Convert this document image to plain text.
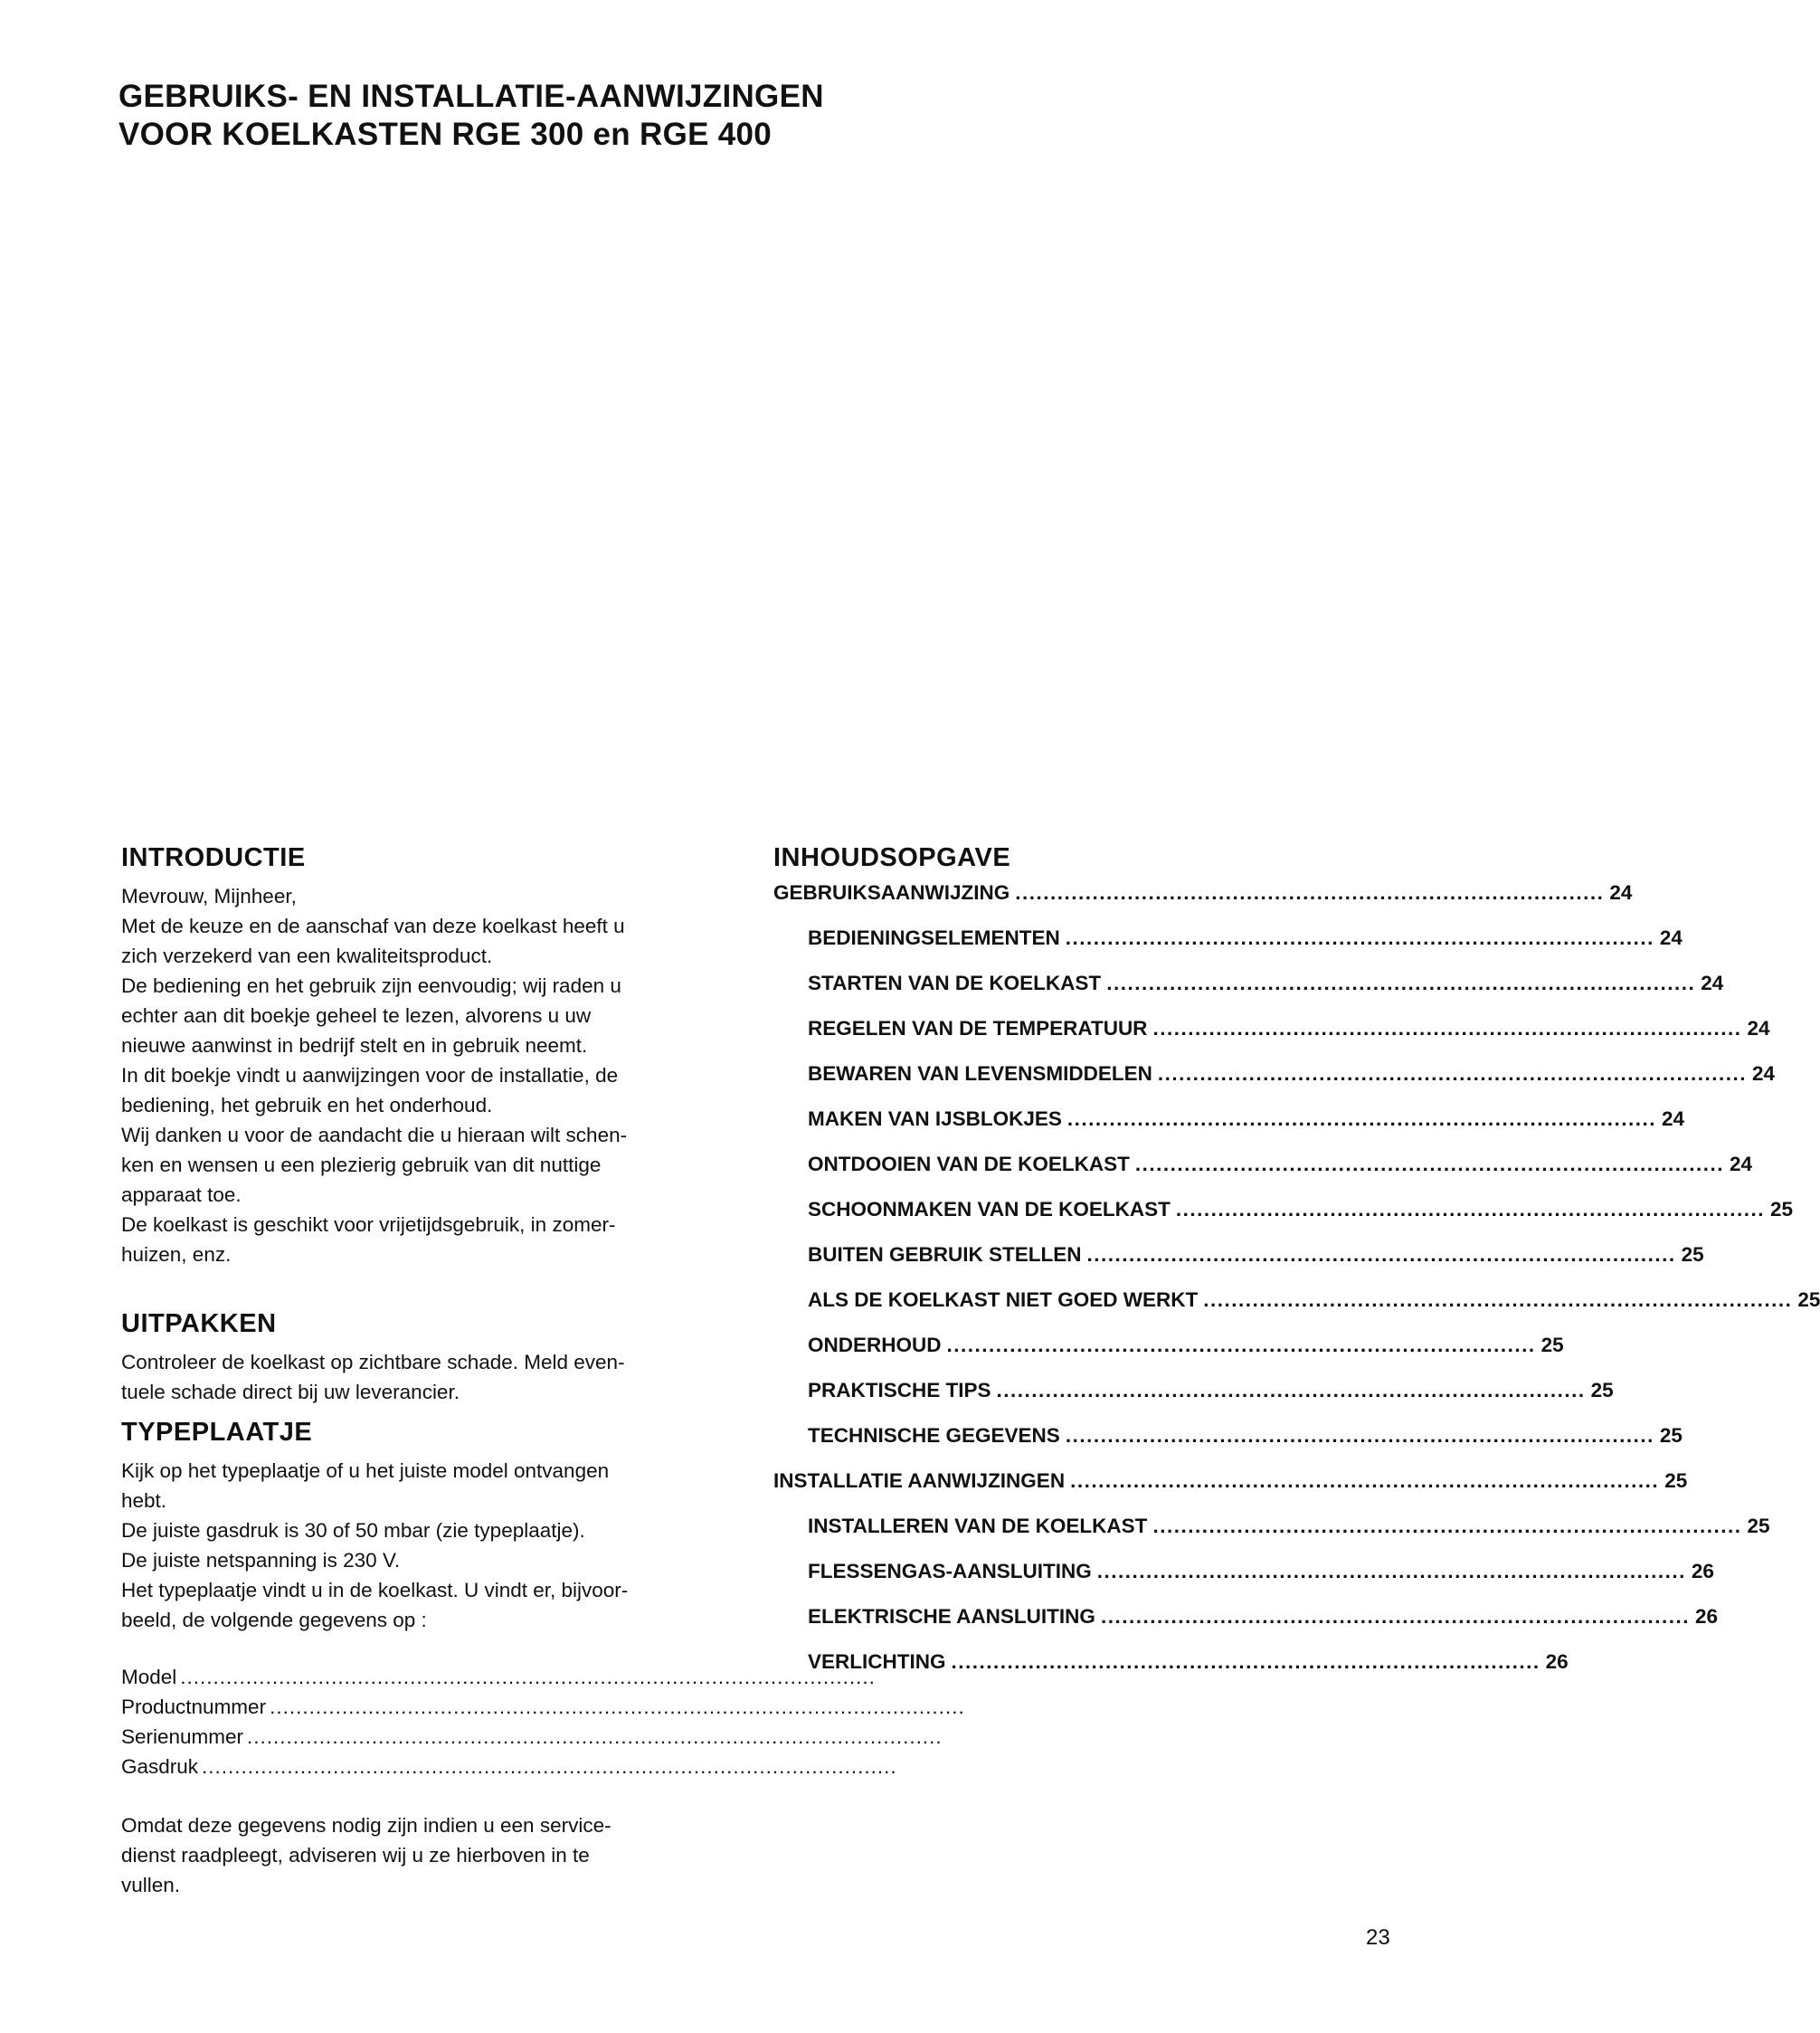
GEBRUIKS- EN INSTALLATIE-AANWIJZINGEN
VOOR KOELKASTEN RGE 300 en RGE 400
INTRODUCTIE

Mevrouw, Mijnheer,

Met de keuze en de aanschaf van deze koelkast heeft u

zich verzekerd van een kwaliteitsproduct.

De bediening en het gebruik zijn eenvoudig; wij raden u

echter aan dit boekje geheel te lezen, alvorens u uw

nieuwe aanwinst in bedrijf stelt en in gebruik neemt.

In dit boekje vindt u aanwijzingen voor de installatie, de

bediening, het gebruik en het onderhoud.

Wij danken u voor de aandacht die u hieraan wilt schen-

ken en wensen u een plezierig gebruik van dit nuttige

apparaat toe.

De koelkast is geschikt voor vrijetijdsgebruik, in zomer-

huizen, enz.

UITPAKKEN

Controleer de koelkast op zichtbare schade. Meld even-

tuele schade direct bij uw leverancier.

TYPEPLAATJE

Kijk op het typeplaatje of u het juiste model ontvangen

hebt.

De juiste gasdruk is 30 of 50 mbar (zie typeplaatje).

De juiste netspanning is 230 V.

Het typeplaatje vindt u in de koelkast. U vindt er, bijvoor-

beeld, de volgende gegevens op :

Model ..........................................................................................................
Productnummer ..........................................................................................................
Serienummer ..........................................................................................................
Gasdruk ..........................................................................................................

Omdat deze gegevens nodig zijn indien u een service-

dienst raadpleegt, adviseren wij u ze hierboven in te

vullen.

INHOUDSOPGAVE
GEBRUIKSAANWIJZING .................................................................................... 24
BEDIENINGSELEMENTEN .................................................................................... 24
STARTEN VAN DE KOELKAST .................................................................................... 24
REGELEN VAN DE TEMPERATUUR .................................................................................... 24
BEWAREN VAN LEVENSMIDDELEN .................................................................................... 24
MAKEN VAN IJSBLOKJES .................................................................................... 24
ONTDOOIEN VAN DE KOELKAST .................................................................................... 24
SCHOONMAKEN VAN DE KOELKAST .................................................................................... 25
BUITEN GEBRUIK STELLEN .................................................................................... 25
ALS DE KOELKAST NIET GOED WERKT .................................................................................... 25
ONDERHOUD .................................................................................... 25
PRAKTISCHE TIPS .................................................................................... 25
TECHNISCHE GEGEVENS .................................................................................... 25
INSTALLATIE AANWIJZINGEN .................................................................................... 25
INSTALLEREN VAN DE KOELKAST .................................................................................... 25
FLESSENGAS-AANSLUITING .................................................................................... 26
ELEKTRISCHE AANSLUITING .................................................................................... 26
VERLICHTING .................................................................................... 26
23
